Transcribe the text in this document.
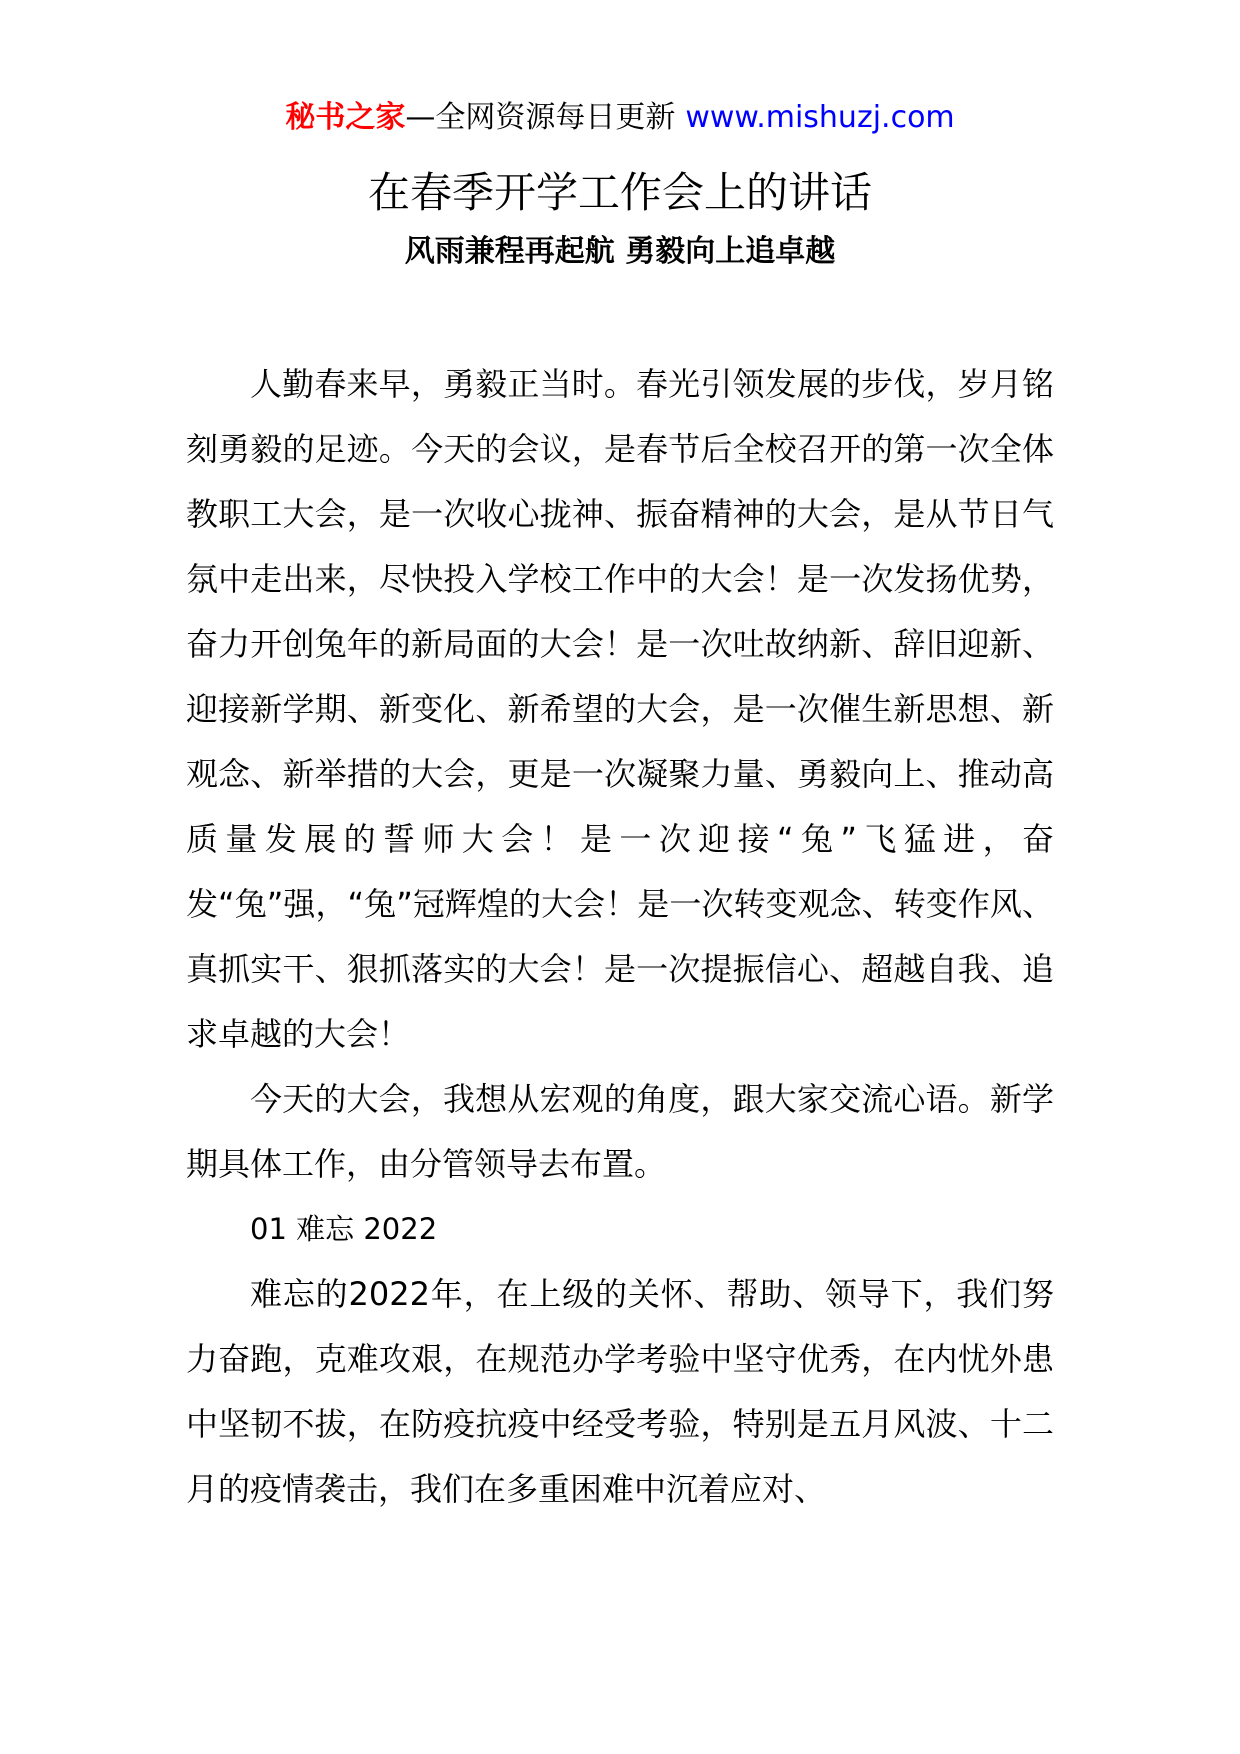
秘书之家—全网资源每日更新 www.mishuzj.com
在春季开学工作会上的讲话
风雨兼程再起航 勇毅向上追卓越

人勤春来早，勇毅正当时。春光引领发展的步伐，岁月铭刻勇毅的足迹。今天的会议，是春节后全校召开的第一次全体教职工大会，是一次收心拢神、振奋精神的大会，是从节日气氛中走出来，尽快投入学校工作中的大会！是一次发扬优势，奋力开创兔年的新局面的大会！是一次吐故纳新、辞旧迎新、迎接新学期、新变化、新希望的大会，是一次催生新思想、新观念、新举措的大会，更是一次凝聚力量、勇毅向上、推动高质量发展的誓师大会！是一次迎接“兔”飞猛进，奋发“兔”强，“兔”冠辉煌的大会！是一次转变观念、转变作风、真抓实干、狠抓落实的大会！是一次提振信心、超越自我、追求卓越的大会！

今天的大会，我想从宏观的角度，跟大家交流心语。新学期具体工作，由分管领导去布置。

01 难忘 2022

难忘的2022年，在上级的关怀、帮助、领导下，我们努力奋跑，克难攻艰，在规范办学考验中坚守优秀，在内忧外患中坚韧不拔，在防疫抗疫中经受考验，特别是五月风波、十二月的疫情袭击，我们在多重困难中沉着应对、
